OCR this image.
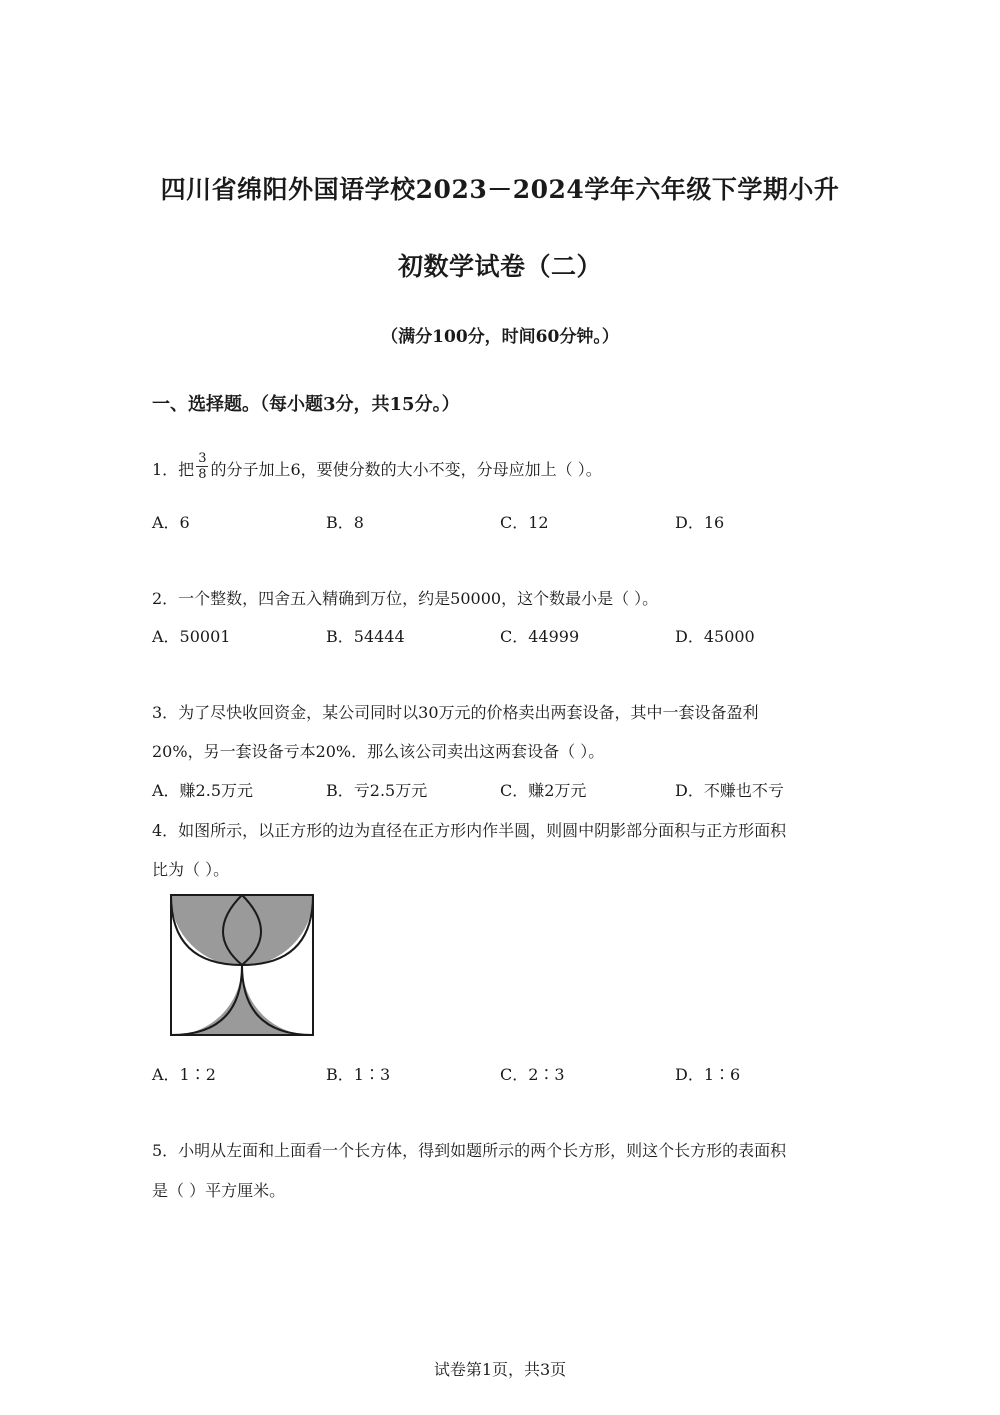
四川省绵阳外国语学校2023－2024学年六年级下学期小升
初数学试卷（二）
（满分100分，时间60分钟。）
一、选择题。（每小题3分，共15分。）
1．把 $\frac{3}{8}$ 的分子加上6，要使分数的大小不变，分母应加上（ ）。
A．6	B．8	C．12	D．16
2．一个整数，四舍五入精确到万位，约是50000，这个数最小是（ ）。
A．50001	B．54444	C．44999	D．45000
3．为了尽快收回资金，某公司同时以30万元的价格卖出两套设备，其中一套设备盈利
20%，另一套设备亏本20%．那么该公司卖出这两套设备（ ）。
A．赚2.5万元	B．亏2.5万元	C．赚2万元	D．不赚也不亏
4．如图所示，以正方形的边为直径在正方形内作半圆，则圆中阴影部分面积与正方形面积
比为（ ）。
A．1∶2	B．1∶3	C．2∶3	D．1∶6
5．小明从左面和上面看一个长方体，得到如题所示的两个长方形，则这个长方形的表面积
是（ ）平方厘米。
试卷第1页，共3页
